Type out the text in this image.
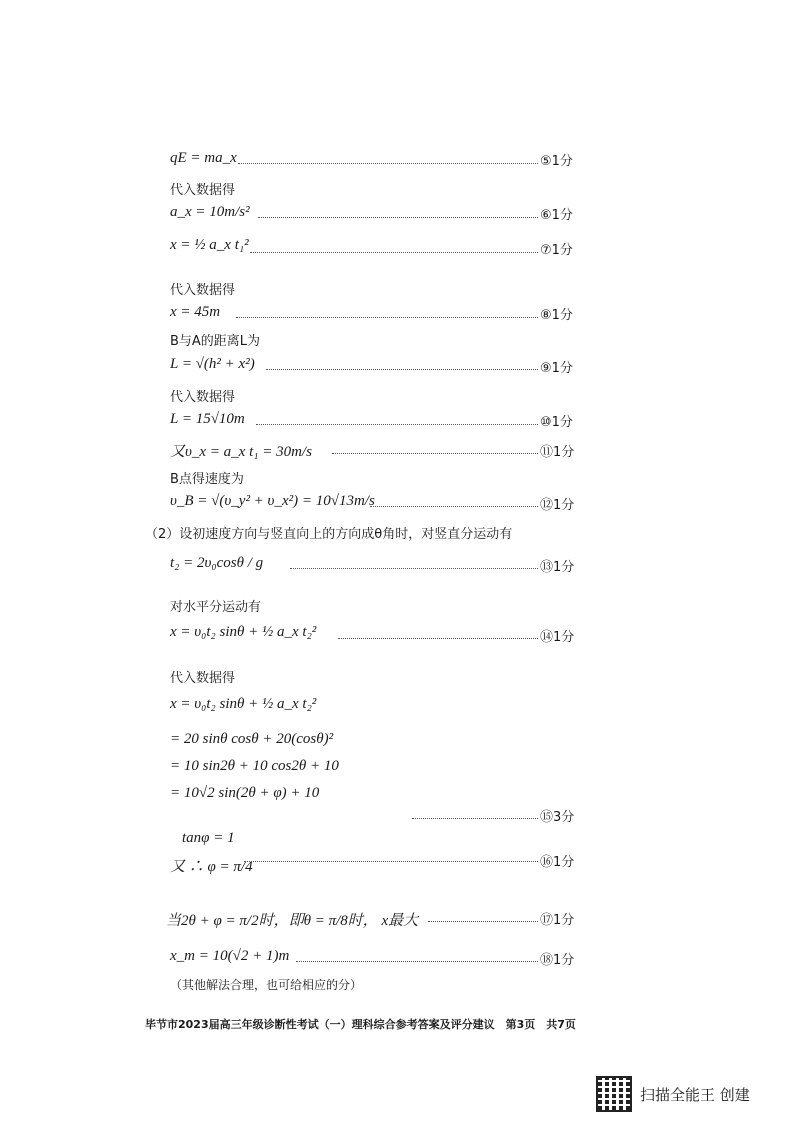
qE = ma_x	⑤1分
代入数据得
a_x = 10m/s²	⑥1分
x = ½ a_x t₁²	⑦1分
代入数据得
x = 45m	⑧1分
B与A的距离L为
L = √(h² + x²)	⑨1分
代入数据得
L = 15√10m	⑩1分
又υ_x = a_x t₁ = 30m/s	⑪1分
B点得速度为
υ_B = √(υ_y² + υ_x²) = 10√13m/s	⑫1分
（2）设初速度方向与竖直向上的方向成θ角时，对竖直分运动有
t₂ = 2υ₀cosθ / g	⑬1分
对水平分运动有
x = υ₀t₂ sinθ + ½ a_x t₂²	⑭1分
代入数据得
x = υ₀t₂ sinθ + ½ a_x t₂²
= 20 sinθ cosθ + 20(cosθ)²
= 10 sin2θ + 10 cos2θ + 10
= 10√2 sin(2θ + φ) + 10
⑮3分
tanφ = 1
又 ∴ φ = π/4	⑯1分
当2θ + φ = π/2时，即θ = π/8时， x最大	⑰1分
x_m = 10(√2 + 1)m	⑱1分
（其他解法合理，也可给相应的分）
毕节市2023届高三年级诊断性考试（一）理科综合参考答案及评分建议　第3页　共7页
扫描全能王 创建
